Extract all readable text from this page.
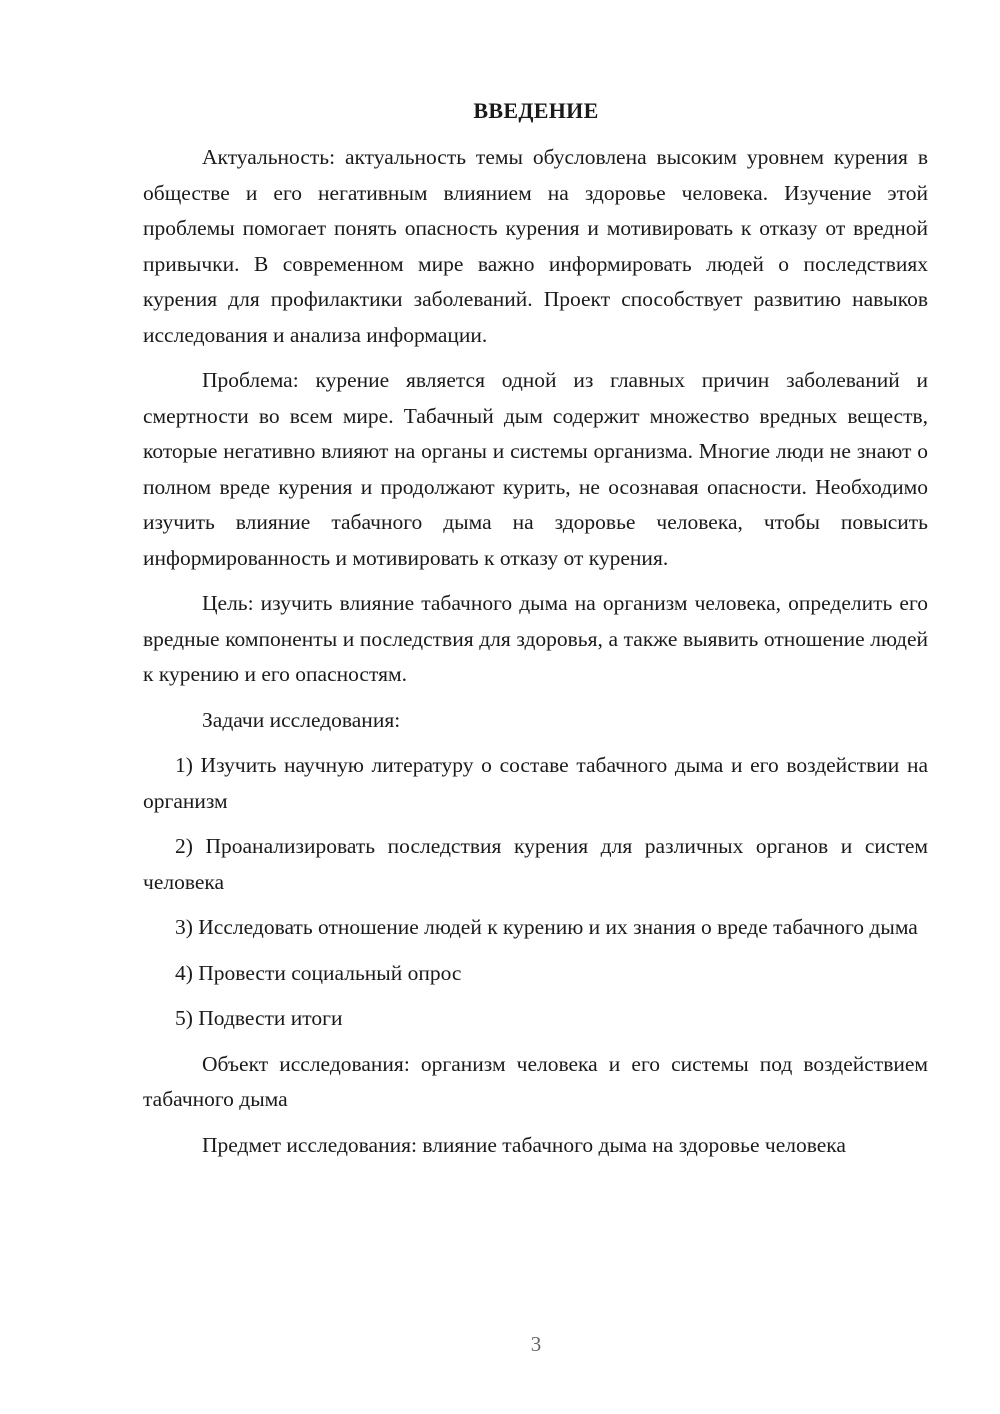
ВВЕДЕНИЕ

Актуальность: актуальность темы обусловлена высоким уровнем курения в обществе и его негативным влиянием на здоровье человека. Изучение этой проблемы помогает понять опасность курения и мотивировать к отказу от вредной привычки. В современном мире важно информировать людей о последствиях курения для профилактики заболеваний. Проект способствует развитию навыков исследования и анализа информации.

Проблема: курение является одной из главных причин заболеваний и смертности во всем мире. Табачный дым содержит множество вредных веществ, которые негативно влияют на органы и системы организма. Многие люди не знают о полном вреде курения и продолжают курить, не осознавая опасности. Необходимо изучить влияние табачного дыма на здоровье человека, чтобы повысить информированность и мотивировать к отказу от курения.

Цель: изучить влияние табачного дыма на организм человека, определить его вредные компоненты и последствия для здоровья, а также выявить отношение людей к курению и его опасностям.

Задачи исследования:

1) Изучить научную литературу о составе табачного дыма и его воздействии на организм

2) Проанализировать последствия курения для различных органов и систем человека

3) Исследовать отношение людей к курению и их знания о вреде табачного дыма

4) Провести социальный опрос

5) Подвести итоги

Объект исследования: организм человека и его системы под воздействием табачного дыма

Предмет исследования: влияние табачного дыма на здоровье человека

3
